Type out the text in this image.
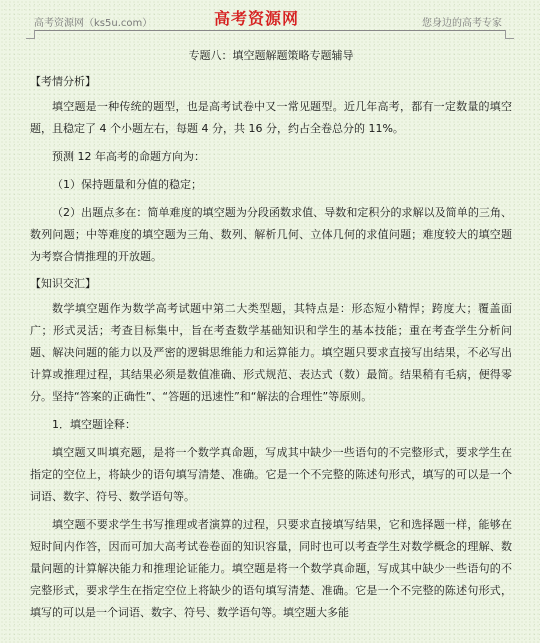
高考资源网（ks5u.com）	高考资源网	您身边的高考专家

专题八：填空题解题策略专题辅导

【考情分析】

填空题是一种传统的题型，也是高考试卷中又一常见题型。近几年高考，都有一定数量的填空题，且稳定了 4 个小题左右，每题 4 分，共 16 分，约占全卷总分的 11%。

预测 12 年高考的命题方向为：

（1）保持题量和分值的稳定；

（2）出题点多在：简单难度的填空题为分段函数求值、导数和定积分的求解以及简单的三角、数列问题；中等难度的填空题为三角、数列、解析几何、立体几何的求值问题；难度较大的填空题为考察合情推理的开放题。

【知识交汇】

数学填空题作为数学高考试题中第二大类型题，其特点是：形态短小精悍；跨度大；覆盖面广；形式灵活；考查目标集中，旨在考查数学基础知识和学生的基本技能；重在考查学生分析问题、解决问题的能力以及严密的逻辑思维能力和运算能力。填空题只要求直接写出结果，不必写出计算或推理过程，其结果必须是数值准确、形式规范、表达式（数）最简。结果稍有毛病，便得零分。坚持“答案的正确性”、“答题的迅速性”和“解法的合理性”等原则。

1．填空题诠释：

填空题又叫填充题，是将一个数学真命题，写成其中缺少一些语句的不完整形式，要求学生在指定的空位上，将缺少的语句填写清楚、准确。它是一个不完整的陈述句形式，填写的可以是一个词语、数字、符号、数学语句等。

填空题不要求学生书写推理或者演算的过程，只要求直接填写结果，它和选择题一样，能够在短时间内作答，因而可加大高考试卷卷面的知识容量，同时也可以考查学生对数学概念的理解、数量问题的计算解决能力和推理论证能力。填空题是将一个数学真命题，写成其中缺少一些语句的不完整形式，要求学生在指定空位上将缺少的语句填写清楚、准确。它是一个不完整的陈述句形式，填写的可以是一个词语、数字、符号、数学语句等。填空题大多能
